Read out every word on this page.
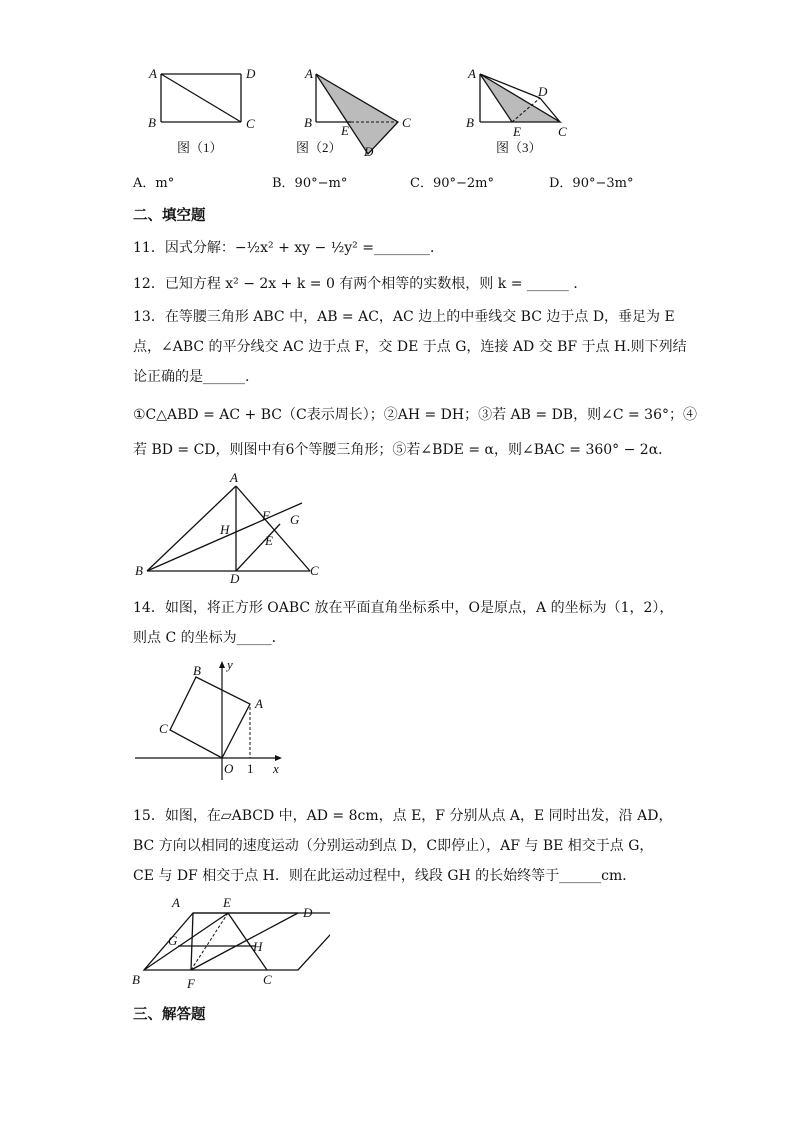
A	D
B	C
图（1）
A
B
E
C
D
图（2）
A
D
B
E	C
图（3）
A．m°	B．90°−m°	C．90°−2m°	D．90°−3m°
二、填空题
11．因式分解：−½x² + xy − ½y² =________．
12．已知方程 x² − 2x + k = 0 有两个相等的实数根，则 k = ______ ．
13．在等腰三角形 ABC 中，AB = AC，AC 边上的中垂线交 BC 边于点 D，垂足为 E
点，∠ABC 的平分线交 AC 边于点 F，交 DE 于点 G，连接 AD 交 BF 于点 H.则下列结
论正确的是______.
①C△ABD = AC + BC（C表示周长）；②AH = DH；③若 AB = DB，则∠C = 36°；④
若 BD = CD，则图中有6个等腰三角形；⑤若∠BDE = α，则∠BAC = 360° − 2α．
A
H
F G
E
B
D
C
14．如图，将正方形 OABC 放在平面直角坐标系中，O是原点，A 的坐标为（1，2），
则点 C 的坐标为_____．
B y
A
C
O 1 x
15．如图，在▱ABCD 中，AD = 8cm，点 E，F 分别从点 A，E 同时出发，沿 AD，
BC 方向以相同的速度运动（分别运动到点 D，C即停止），AF 与 BE 相交于点 G，
CE 与 DF 相交于点 H．则在此运动过程中，线段 GH 的长始终等于______cm．
A	E
D
G	H
B	F	C
三、解答题
